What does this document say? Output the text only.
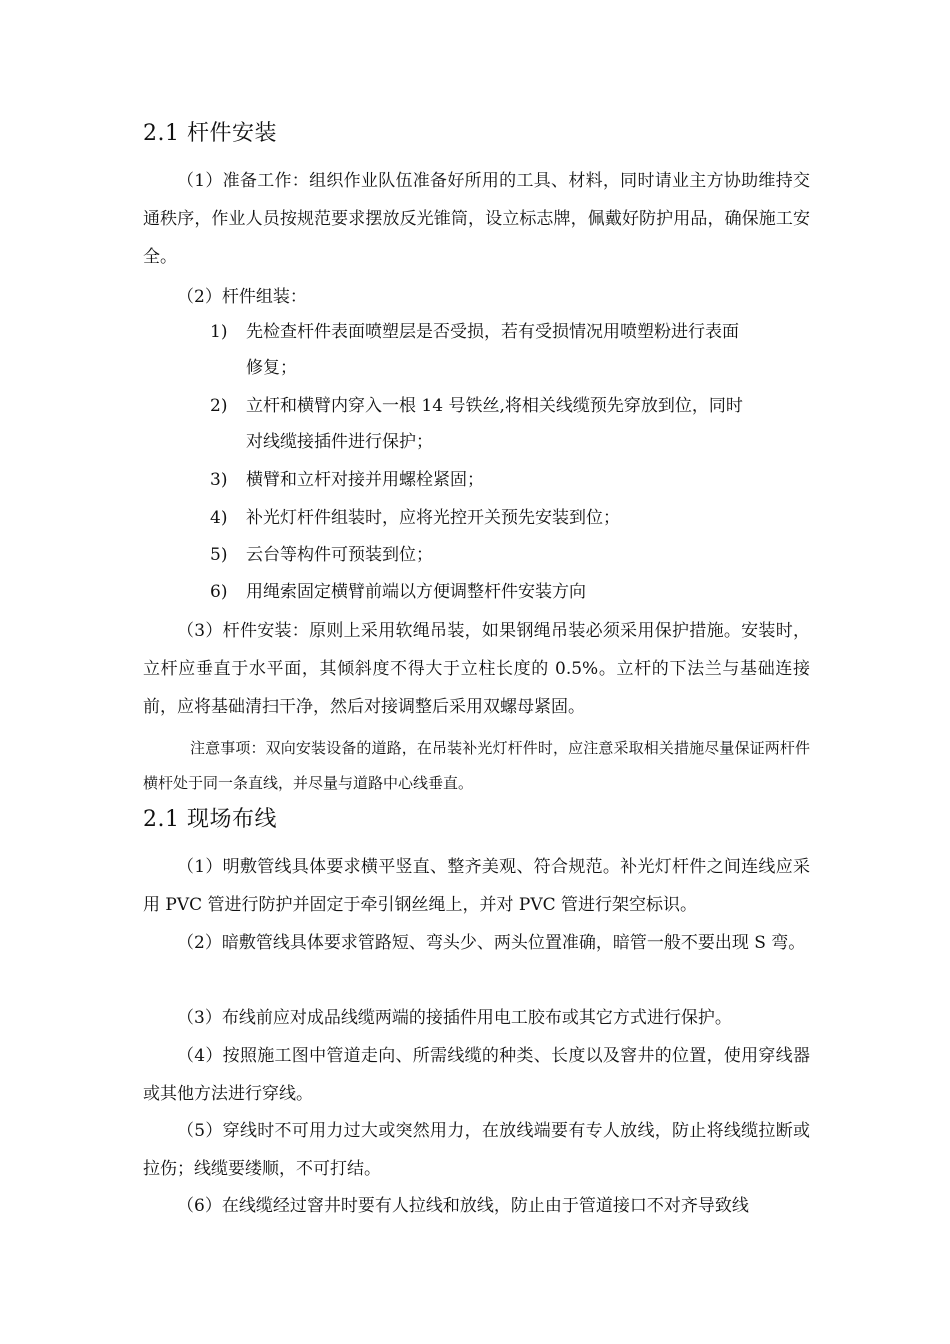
2.1 杆件安装

（1）准备工作：组织作业队伍准备好所用的工具、材料，同时请业主方协助维持交通秩序，作业人员按规范要求摆放反光锥筒，设立标志牌，佩戴好防护用品，确保施工安全。

（2）杆件组装：

1) 先检查杆件表面喷塑层是否受损，若有受损情况用喷塑粉进行表面
修复；
2) 立杆和横臂内穿入一根 14 号铁丝,将相关线缆预先穿放到位，同时
对线缆接插件进行保护；
3) 横臂和立杆对接并用螺栓紧固；
4) 补光灯杆件组装时，应将光控开关预先安装到位；
5) 云台等构件可预装到位；
6) 用绳索固定横臂前端以方便调整杆件安装方向

（3）杆件安装：原则上采用软绳吊装，如果钢绳吊装必须采用保护措施。安装时，立杆应垂直于水平面，其倾斜度不得大于立柱长度的 0.5%。立杆的下法兰与基础连接前，应将基础清扫干净，然后对接调整后采用双螺母紧固。

注意事项：双向安装设备的道路，在吊装补光灯杆件时，应注意采取相关措施尽量保证两杆件横杆处于同一条直线，并尽量与道路中心线垂直。

2.1 现场布线

（1）明敷管线具体要求横平竖直、整齐美观、符合规范。补光灯杆件之间连线应采用 PVC 管进行防护并固定于牵引钢丝绳上，并对 PVC 管进行架空标识。

（2）暗敷管线具体要求管路短、弯头少、两头位置准确，暗管一般不要出现 S 弯。

（3）布线前应对成品线缆两端的接插件用电工胶布或其它方式进行保护。

（4）按照施工图中管道走向、所需线缆的种类、长度以及窨井的位置，使用穿线器或其他方法进行穿线。

（5）穿线时不可用力过大或突然用力，在放线端要有专人放线，防止将线缆拉断或拉伤；线缆要缕顺，不可打结。

（6）在线缆经过窨井时要有人拉线和放线，防止由于管道接口不对齐导致线
